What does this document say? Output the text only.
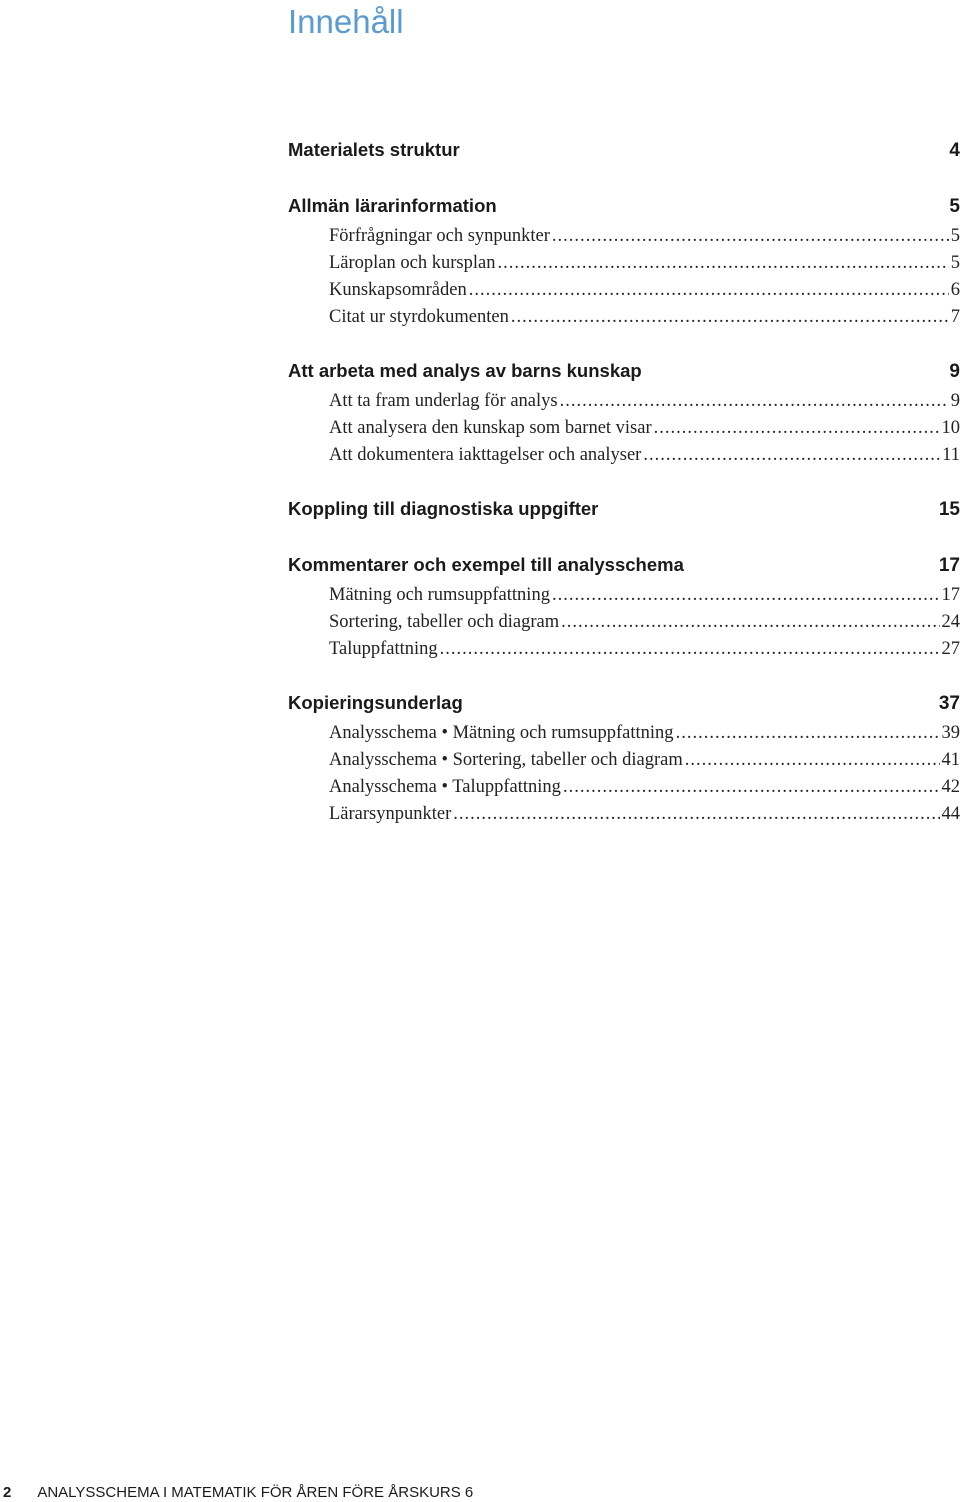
Innehåll
Materialets struktur	4
Allmän lärarinformation	5
Förfrågningar och synpunkter .....	5
Läroplan och kursplan .....	5
Kunskapsområden .....	6
Citat ur styrdokumenten .....	7
Att arbeta med analys av barns kunskap	9
Att ta fram underlag för analys .....	9
Att analysera den kunskap som barnet visar .....	10
Att dokumentera iakttagelser och analyser .....	11
Koppling till diagnostiska uppgifter	15
Kommentarer och exempel till analysschema	17
Mätning och rumsuppfattning .....	17
Sortering, tabeller och diagram .....	24
Taluppfattning .....	27
Kopieringsunderlag	37
Analysschema • Mätning och rumsuppfattning .....	39
Analysschema • Sortering, tabeller och diagram .....	41
Analysschema • Taluppfattning .....	42
Lärarsynpunkter .....	44
2 ANALYSSCHEMA I MATEMATIK FÖR ÅREN FÖRE ÅRSKURS 6
